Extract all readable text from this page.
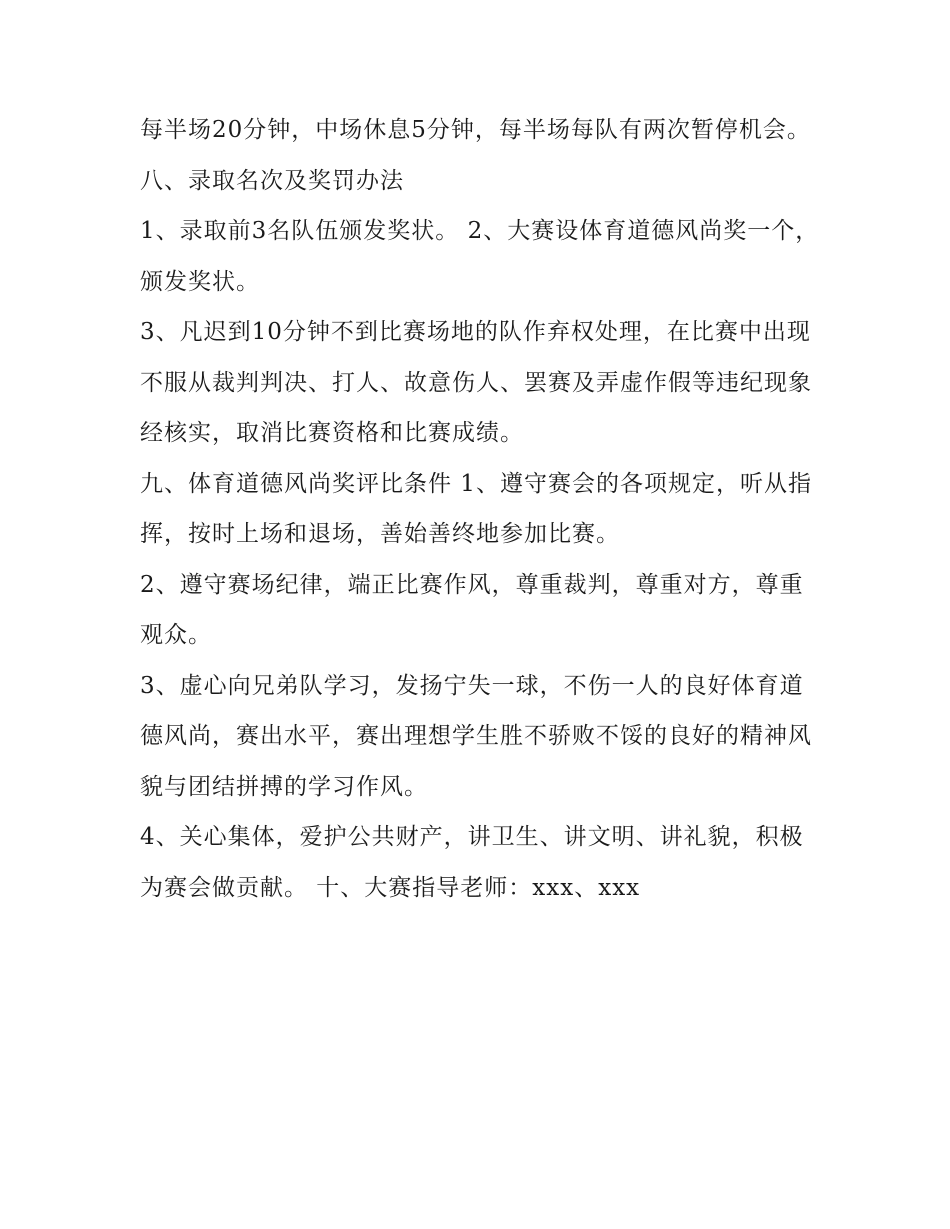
每半场20分钟，中场休息5分钟，每半场每队有两次暂停机会。 八、录取名次及奖罚办法

1、录取前3名队伍颁发奖状。 2、大赛设体育道德风尚奖一个，颁发奖状。

3、凡迟到10分钟不到比赛场地的队作弃权处理，在比赛中出现不服从裁判判决、打人、故意伤人、罢赛及弄虚作假等违纪现象经核实，取消比赛资格和比赛成绩。

九、体育道德风尚奖评比条件 1、遵守赛会的各项规定，听从指挥，按时上场和退场，善始善终地参加比赛。

2、遵守赛场纪律，端正比赛作风，尊重裁判，尊重对方，尊重观众。

3、虚心向兄弟队学习，发扬宁失一球，不伤一人的良好体育道德风尚，赛出水平，赛出理想学生胜不骄败不馁的良好的精神风貌与团结拼搏的学习作风。

4、关心集体，爱护公共财产，讲卫生、讲文明、讲礼貌，积极为赛会做贡献。 十、大赛指导老师：xxx、xxx
